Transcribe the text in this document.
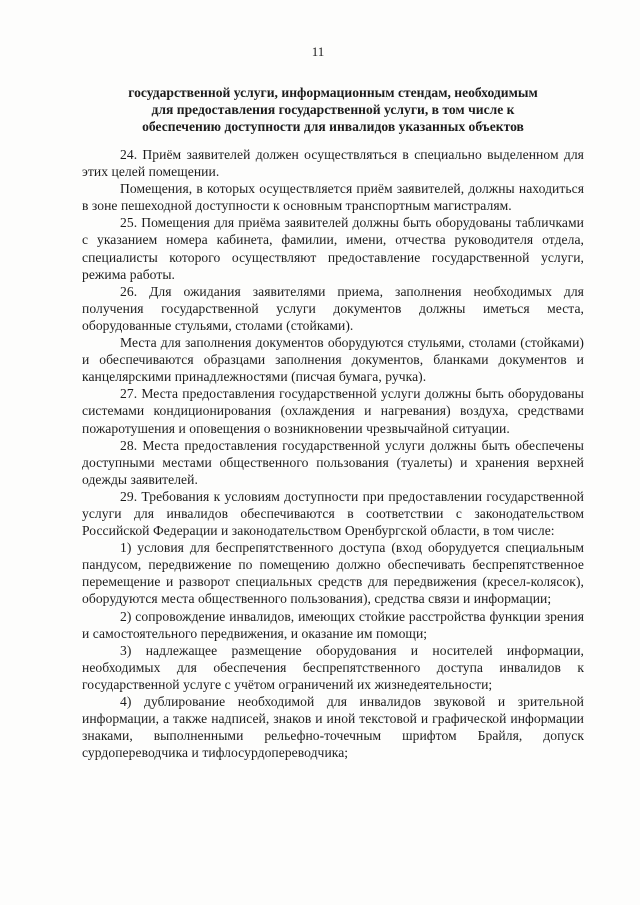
11
государственной услуги, информационным стендам, необходимым
для предоставления государственной услуги, в том числе к
обеспечению доступности для инвалидов указанных объектов

24. Приём заявителей должен осуществляться в специально выделенном для этих целей помещении.

Помещения, в которых осуществляется приём заявителей, должны находиться в зоне пешеходной доступности к основным транспортным магистралям.

25. Помещения для приёма заявителей должны быть оборудованы табличками с указанием номера кабинета, фамилии, имени, отчества руководителя отдела, специалисты которого осуществляют предоставление государственной услуги, режима работы.

26. Для ожидания заявителями приема, заполнения необходимых для получения государственной услуги документов должны иметься места, оборудованные стульями, столами (стойками).

Места для заполнения документов оборудуются стульями, столами (стойками) и обеспечиваются образцами заполнения документов, бланками документов и канцелярскими принадлежностями (писчая бумага, ручка).

27. Места предоставления государственной услуги должны быть оборудованы системами кондиционирования (охлаждения и нагревания) воздуха, средствами пожаротушения и оповещения о возникновении чрезвычайной ситуации.

28. Места предоставления государственной услуги должны быть обеспечены доступными местами общественного пользования (туалеты) и хранения верхней одежды заявителей.

29. Требования к условиям доступности при предоставлении государственной услуги для инвалидов обеспечиваются в соответствии с законодательством Российской Федерации и законодательством Оренбургской области, в том числе:

1) условия для беспрепятственного доступа (вход оборудуется специальным пандусом, передвижение по помещению должно обеспечивать беспрепятственное перемещение и разворот специальных средств для передвижения (кресел-колясок), оборудуются места общественного пользования), средства связи и информации;

2) сопровождение инвалидов, имеющих стойкие расстройства функции зрения и самостоятельного передвижения, и оказание им помощи;

3) надлежащее размещение оборудования и носителей информации, необходимых для обеспечения беспрепятственного доступа инвалидов к государственной услуге с учётом ограничений их жизнедеятельности;

4) дублирование необходимой для инвалидов звуковой и зрительной информации, а также надписей, знаков и иной текстовой и графической информации знаками, выполненными рельефно-точечным шрифтом Брайля, допуск сурдопереводчика и тифлосурдопереводчика;
